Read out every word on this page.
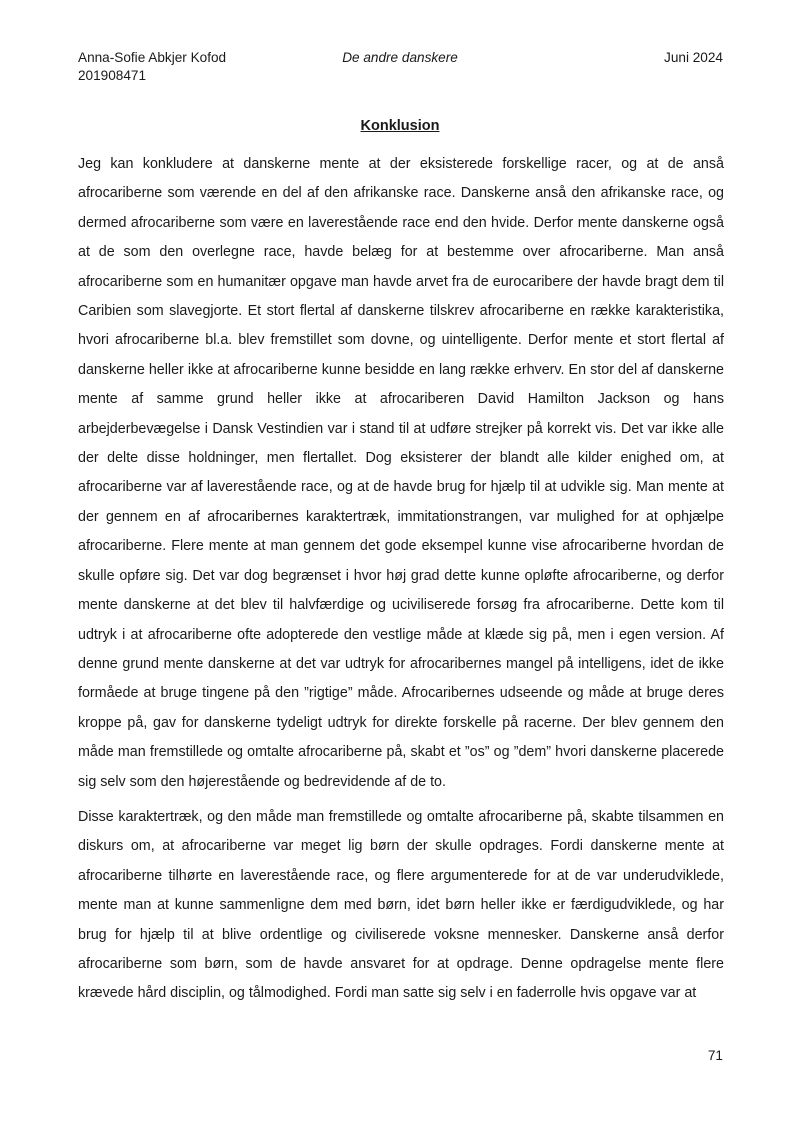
Anna-Sofie Abkjer Kofod
201908471
De andre danskere	Juni 2024
Konklusion

Jeg kan konkludere at danskerne mente at der eksisterede forskellige racer, og at de anså afrocariberne som værende en del af den afrikanske race. Danskerne anså den afrikanske race, og dermed afrocariberne som være en laverestående race end den hvide. Derfor mente danskerne også at de som den overlegne race, havde belæg for at bestemme over afrocariberne. Man anså afrocariberne som en humanitær opgave man havde arvet fra de eurocaribere der havde bragt dem til Caribien som slavegjorte. Et stort flertal af danskerne tilskrev afrocariberne en række karakteristika, hvori afrocariberne bl.a. blev fremstillet som dovne, og uintelligente. Derfor mente et stort flertal af danskerne heller ikke at afrocariberne kunne besidde en lang række erhverv. En stor del af danskerne mente af samme grund heller ikke at afrocariberen David Hamilton Jackson og hans arbejderbevægelse i Dansk Vestindien var i stand til at udføre strejker på korrekt vis. Det var ikke alle der delte disse holdninger, men flertallet. Dog eksisterer der blandt alle kilder enighed om, at afrocariberne var af laverestående race, og at de havde brug for hjælp til at udvikle sig. Man mente at der gennem en af afrocaribernes karaktertræk, immitationstrangen, var mulighed for at ophjælpe afrocariberne. Flere mente at man gennem det gode eksempel kunne vise afrocariberne hvordan de skulle opføre sig. Det var dog begrænset i hvor høj grad dette kunne opløfte afrocariberne, og derfor mente danskerne at det blev til halvfærdige og uciviliserede forsøg fra afrocariberne. Dette kom til udtryk i at afrocariberne ofte adopterede den vestlige måde at klæde sig på, men i egen version. Af denne grund mente danskerne at det var udtryk for afrocaribernes mangel på intelligens, idet de ikke formåede at bruge tingene på den ”rigtige” måde. Afrocaribernes udseende og måde at bruge deres kroppe på, gav for danskerne tydeligt udtryk for direkte forskelle på racerne. Der blev gennem den måde man fremstillede og omtalte afrocariberne på, skabt et ”os” og ”dem” hvori danskerne placerede sig selv som den højerestående og bedrevidende af de to.

Disse karaktertræk, og den måde man fremstillede og omtalte afrocariberne på, skabte tilsammen en diskurs om, at afrocariberne var meget lig børn der skulle opdrages. Fordi danskerne mente at afrocariberne tilhørte en laverestående race, og flere argumenterede for at de var underudviklede, mente man at kunne sammenligne dem med børn, idet børn heller ikke er færdigudviklede, og har brug for hjælp til at blive ordentlige og civiliserede voksne mennesker. Danskerne anså derfor afrocariberne som børn, som de havde ansvaret for at opdrage. Denne opdragelse mente flere krævede hård disciplin, og tålmodighed. Fordi man satte sig selv i en faderrolle hvis opgave var at

71
